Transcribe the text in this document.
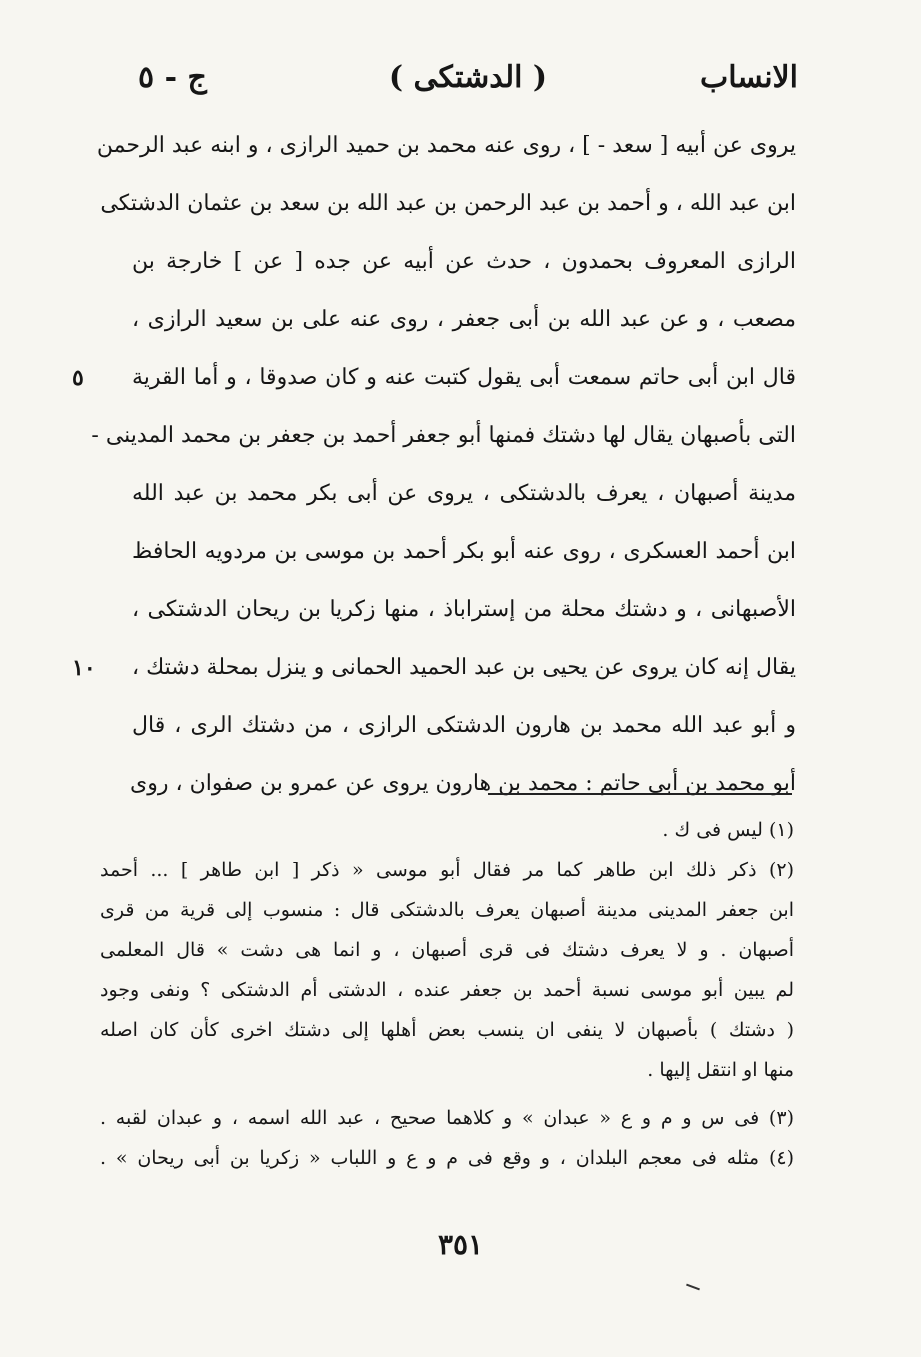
الانساب
( الدشتكى )
ج - ٥
يروى عن أبيه [ سعد - ] ، روى عنه محمد بن حميد الرازى ، و ابنه عبد الرحمن
ابن عبد الله ، و أحمد بن عبد الرحمن بن عبد الله بن سعد بن عثمان الدشتكى
الرازى المعروف بحمدون ، حدث عن أبيه عن جده [ عن ] خارجة بن
مصعب ، و عن عبد الله بن أبى جعفر ، روى عنه على بن سعيد الرازى ،
قال ابن أبى حاتم سمعت أبى يقول كتبت عنه و كان صدوقا ، و أما القرية
٥
التى بأصبهان يقال لها دشتك فمنها أبو جعفر أحمد بن جعفر بن محمد المدينى -
مدينة أصبهان ، يعرف بالدشتكى ، يروى عن أبى بكر محمد بن عبد الله
ابن أحمد العسكرى ، روى عنه أبو بكر أحمد بن موسى بن مردويه الحافظ
الأصبهانى ، و دشتك محلة من إستراباذ ، منها زكريا بن ريحان الدشتكى ،
يقال إنه كان يروى عن يحيى بن عبد الحميد الحمانى و ينزل بمحلة دشتك ،
١٠
و أبو عبد الله محمد بن هارون الدشتكى الرازى ، من دشتك الرى ، قال
أبو محمد بن أبى حاتم : محمد بن هارون يروى عن عمرو بن صفوان ، روى
(١) ليس فى ك .
(٢) ذكر ذلك ابن طاهر كما مر فقال أبو موسى « ذكر [ ابن طاهر ] ... أحمد
ابن جعفر المدينى مدينة أصبهان يعرف بالدشتكى قال : منسوب إلى قرية من قرى
أصبهان . و لا يعرف دشتك فى قرى أصبهان ، و انما هى دشت » قال المعلمى
لم يبين أبو موسى نسبة أحمد بن جعفر عنده ، الدشتى أم الدشتكى ؟ ونفى وجود
( دشتك ) بأصبهان لا ينفى ان ينسب بعض أهلها إلى دشتك اخرى كأن كان اصله
منها او انتقل إليها .
(٣) فى س و م و ع « عبدان » و كلاهما صحيح ، عبد الله اسمه ، و عبدان لقبه .
(٤) مثله فى معجم البلدان ، و وقع فى م و ع و اللباب « زكريا بن أبى ريحان » .
٣٥١
